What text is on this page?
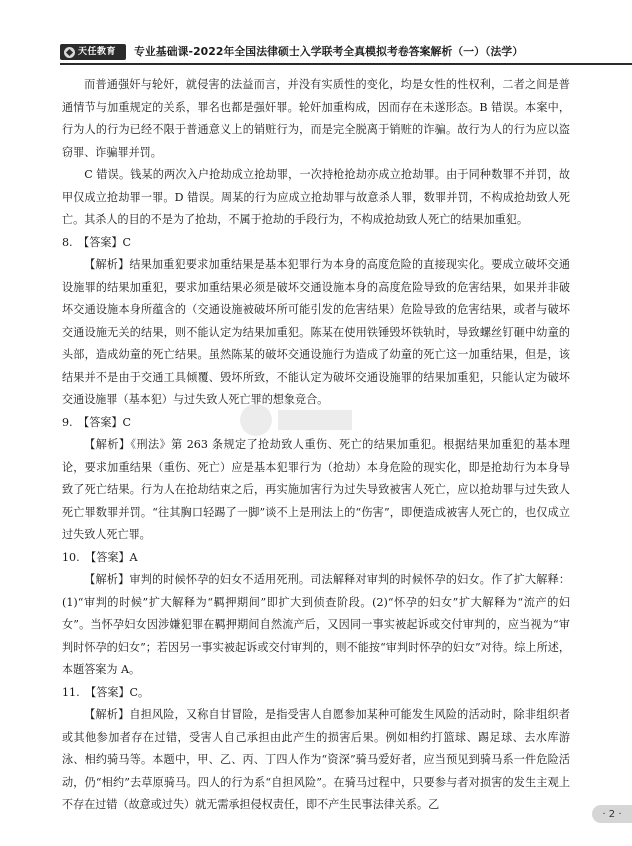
天任教育 专业基础课-2022年全国法律硕士入学联考全真模拟考卷答案解析（一）（法学）

而普通强奸与轮奸，就侵害的法益而言，并没有实质性的变化，均是女性的性权利，二者之间是普通情节与加重规定的关系，罪名也都是强奸罪。轮奸加重构成，因而存在未遂形态。B 错误。本案中，行为人的行为已经不限于普通意义上的销赃行为，而是完全脱离于销赃的诈骗。故行为人的行为应以盗窃罪、诈骗罪并罚。

C 错误。钱某的两次入户抢劫成立抢劫罪，一次持枪抢劫亦成立抢劫罪。由于同种数罪不并罚，故甲仅成立抢劫罪一罪。D 错误。周某的行为应成立抢劫罪与故意杀人罪，数罪并罚，不构成抢劫致人死亡。其杀人的目的不是为了抢劫，不属于抢劫的手段行为，不构成抢劫致人死亡的结果加重犯。

8.　【答案】C

【解析】结果加重犯要求加重结果是基本犯罪行为本身的高度危险的直接现实化。要成立破坏交通设施罪的结果加重犯，要求加重结果必须是破坏交通设施本身的高度危险导致的危害结果，如果并非破坏交通设施本身所蕴含的（交通设施被破坏所可能引发的危害结果）危险导致的危害结果，或者与破坏交通设施无关的结果，则不能认定为结果加重犯。陈某在使用铁锤毁坏铁轨时，导致螺丝钉砸中幼童的头部，造成幼童的死亡结果。虽然陈某的破坏交通设施行为造成了幼童的死亡这一加重结果，但是，该结果并不是由于交通工具倾覆、毁坏所致，不能认定为破坏交通设施罪的结果加重犯，只能认定为破坏交通设施罪（基本犯）与过失致人死亡罪的想象竞合。

9.　【答案】C

【解析】《刑法》第 263 条规定了抢劫致人重伤、死亡的结果加重犯。根据结果加重犯的基本理论，要求加重结果（重伤、死亡）应是基本犯罪行为（抢劫）本身危险的现实化，即是抢劫行为本身导致了死亡结果。行为人在抢劫结束之后，再实施加害行为过失导致被害人死亡，应以抢劫罪与过失致人死亡罪数罪并罚。“往其胸口轻踢了一脚”谈不上是刑法上的“伤害”，即便造成被害人死亡的，也仅成立过失致人死亡罪。

10.　【答案】A

【解析】审判的时候怀孕的妇女不适用死刑。司法解释对审判的时候怀孕的妇女。作了扩大解释：(1)“审判的时候”扩大解释为“羁押期间”即扩大到侦查阶段。(2)“怀孕的妇女”扩大解释为“流产的妇女”。当怀孕妇女因涉嫌犯罪在羁押期间自然流产后，又因同一事实被起诉或交付审判的，应当视为“审判时怀孕的妇女”；若因另一事实被起诉或交付审判的，则不能按“审判时怀孕的妇女”对待。综上所述，本题答案为 A。

11.　【答案】C。

【解析】自担风险，又称自甘冒险，是指受害人自愿参加某种可能发生风险的活动时，除非组织者或其他参加者存在过错，受害人自己承担由此产生的损害后果。例如相约打篮球、踢足球、去水库游泳、相约骑马等。本题中，甲、乙、丙、丁四人作为“资深”骑马爱好者，应当预见到骑马系一件危险活动，仍“相约”去草原骑马。四人的行为系“自担风险”。在骑马过程中，只要参与者对损害的发生主观上不存在过错（故意或过失）就无需承担侵权责任，即不产生民事法律关系。乙

· 2 ·
